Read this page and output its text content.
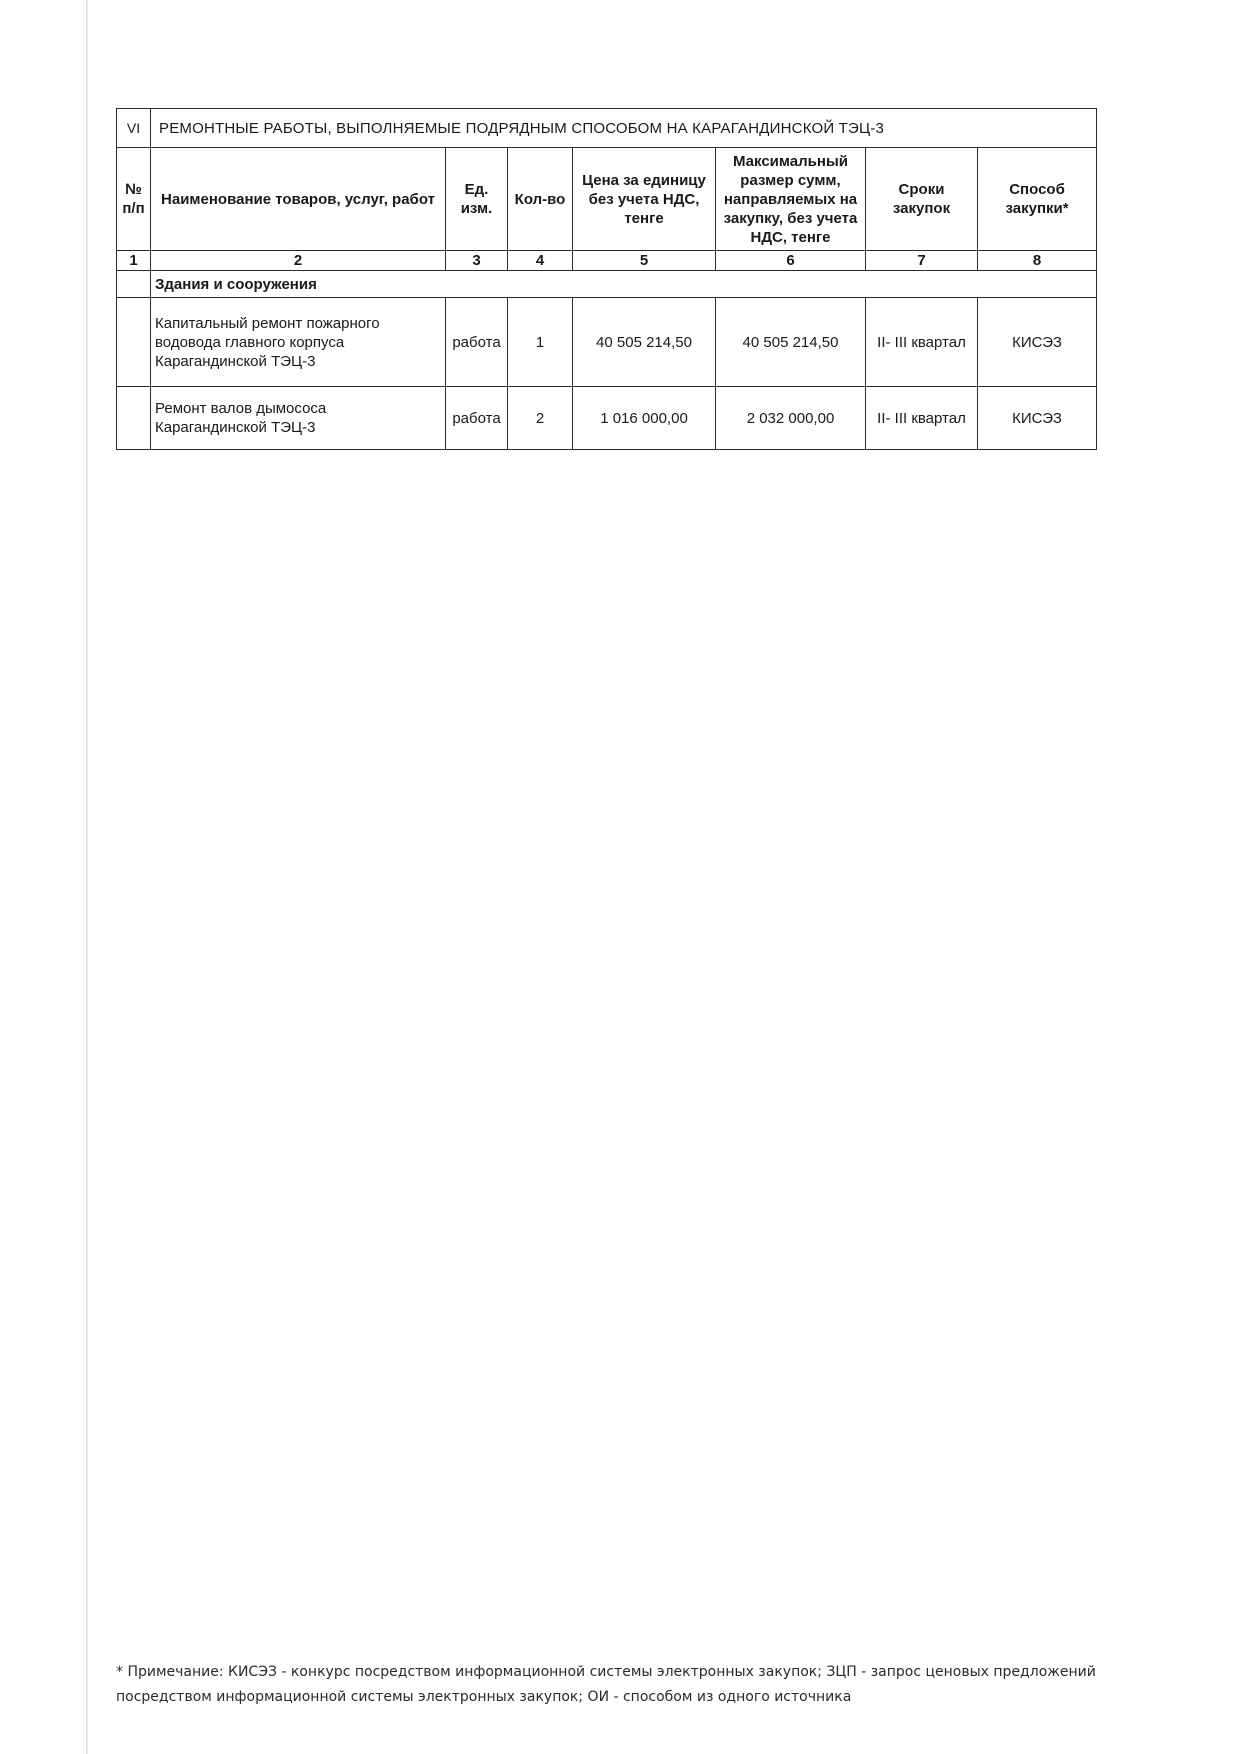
VI	РЕМОНТНЫЕ РАБОТЫ, ВЫПОЛНЯЕМЫЕ ПОДРЯДНЫМ СПОСОБОМ НА КАРАГАНДИНСКОЙ ТЭЦ-3						
№ п/п	Наименование товаров, услуг, работ	Ед. изм.	Кол-во	Цена за единицу без учета НДС, тенге	Максимальный размер сумм, направляемых на закупку, без учета НДС, тенге	Сроки закупок	Способ закупки*
1	2	3	4	5	6	7	8
	Здания и сооружения						
	Капитальный ремонт пожарного водовода главного корпуса Карагандинской ТЭЦ-3	работа	1	40 505 214,50	40 505 214,50	II- III квартал	КИСЭЗ
	Ремонт валов дымососа Карагандинской ТЭЦ-3	работа	2	1 016 000,00	2 032 000,00	II- III квартал	КИСЭЗ
* Примечание: КИСЭЗ - конкурс посредством информационной системы электронных закупок; ЗЦП - запрос ценовых предложений посредством информационной системы электронных закупок; ОИ - способом из одного источника
